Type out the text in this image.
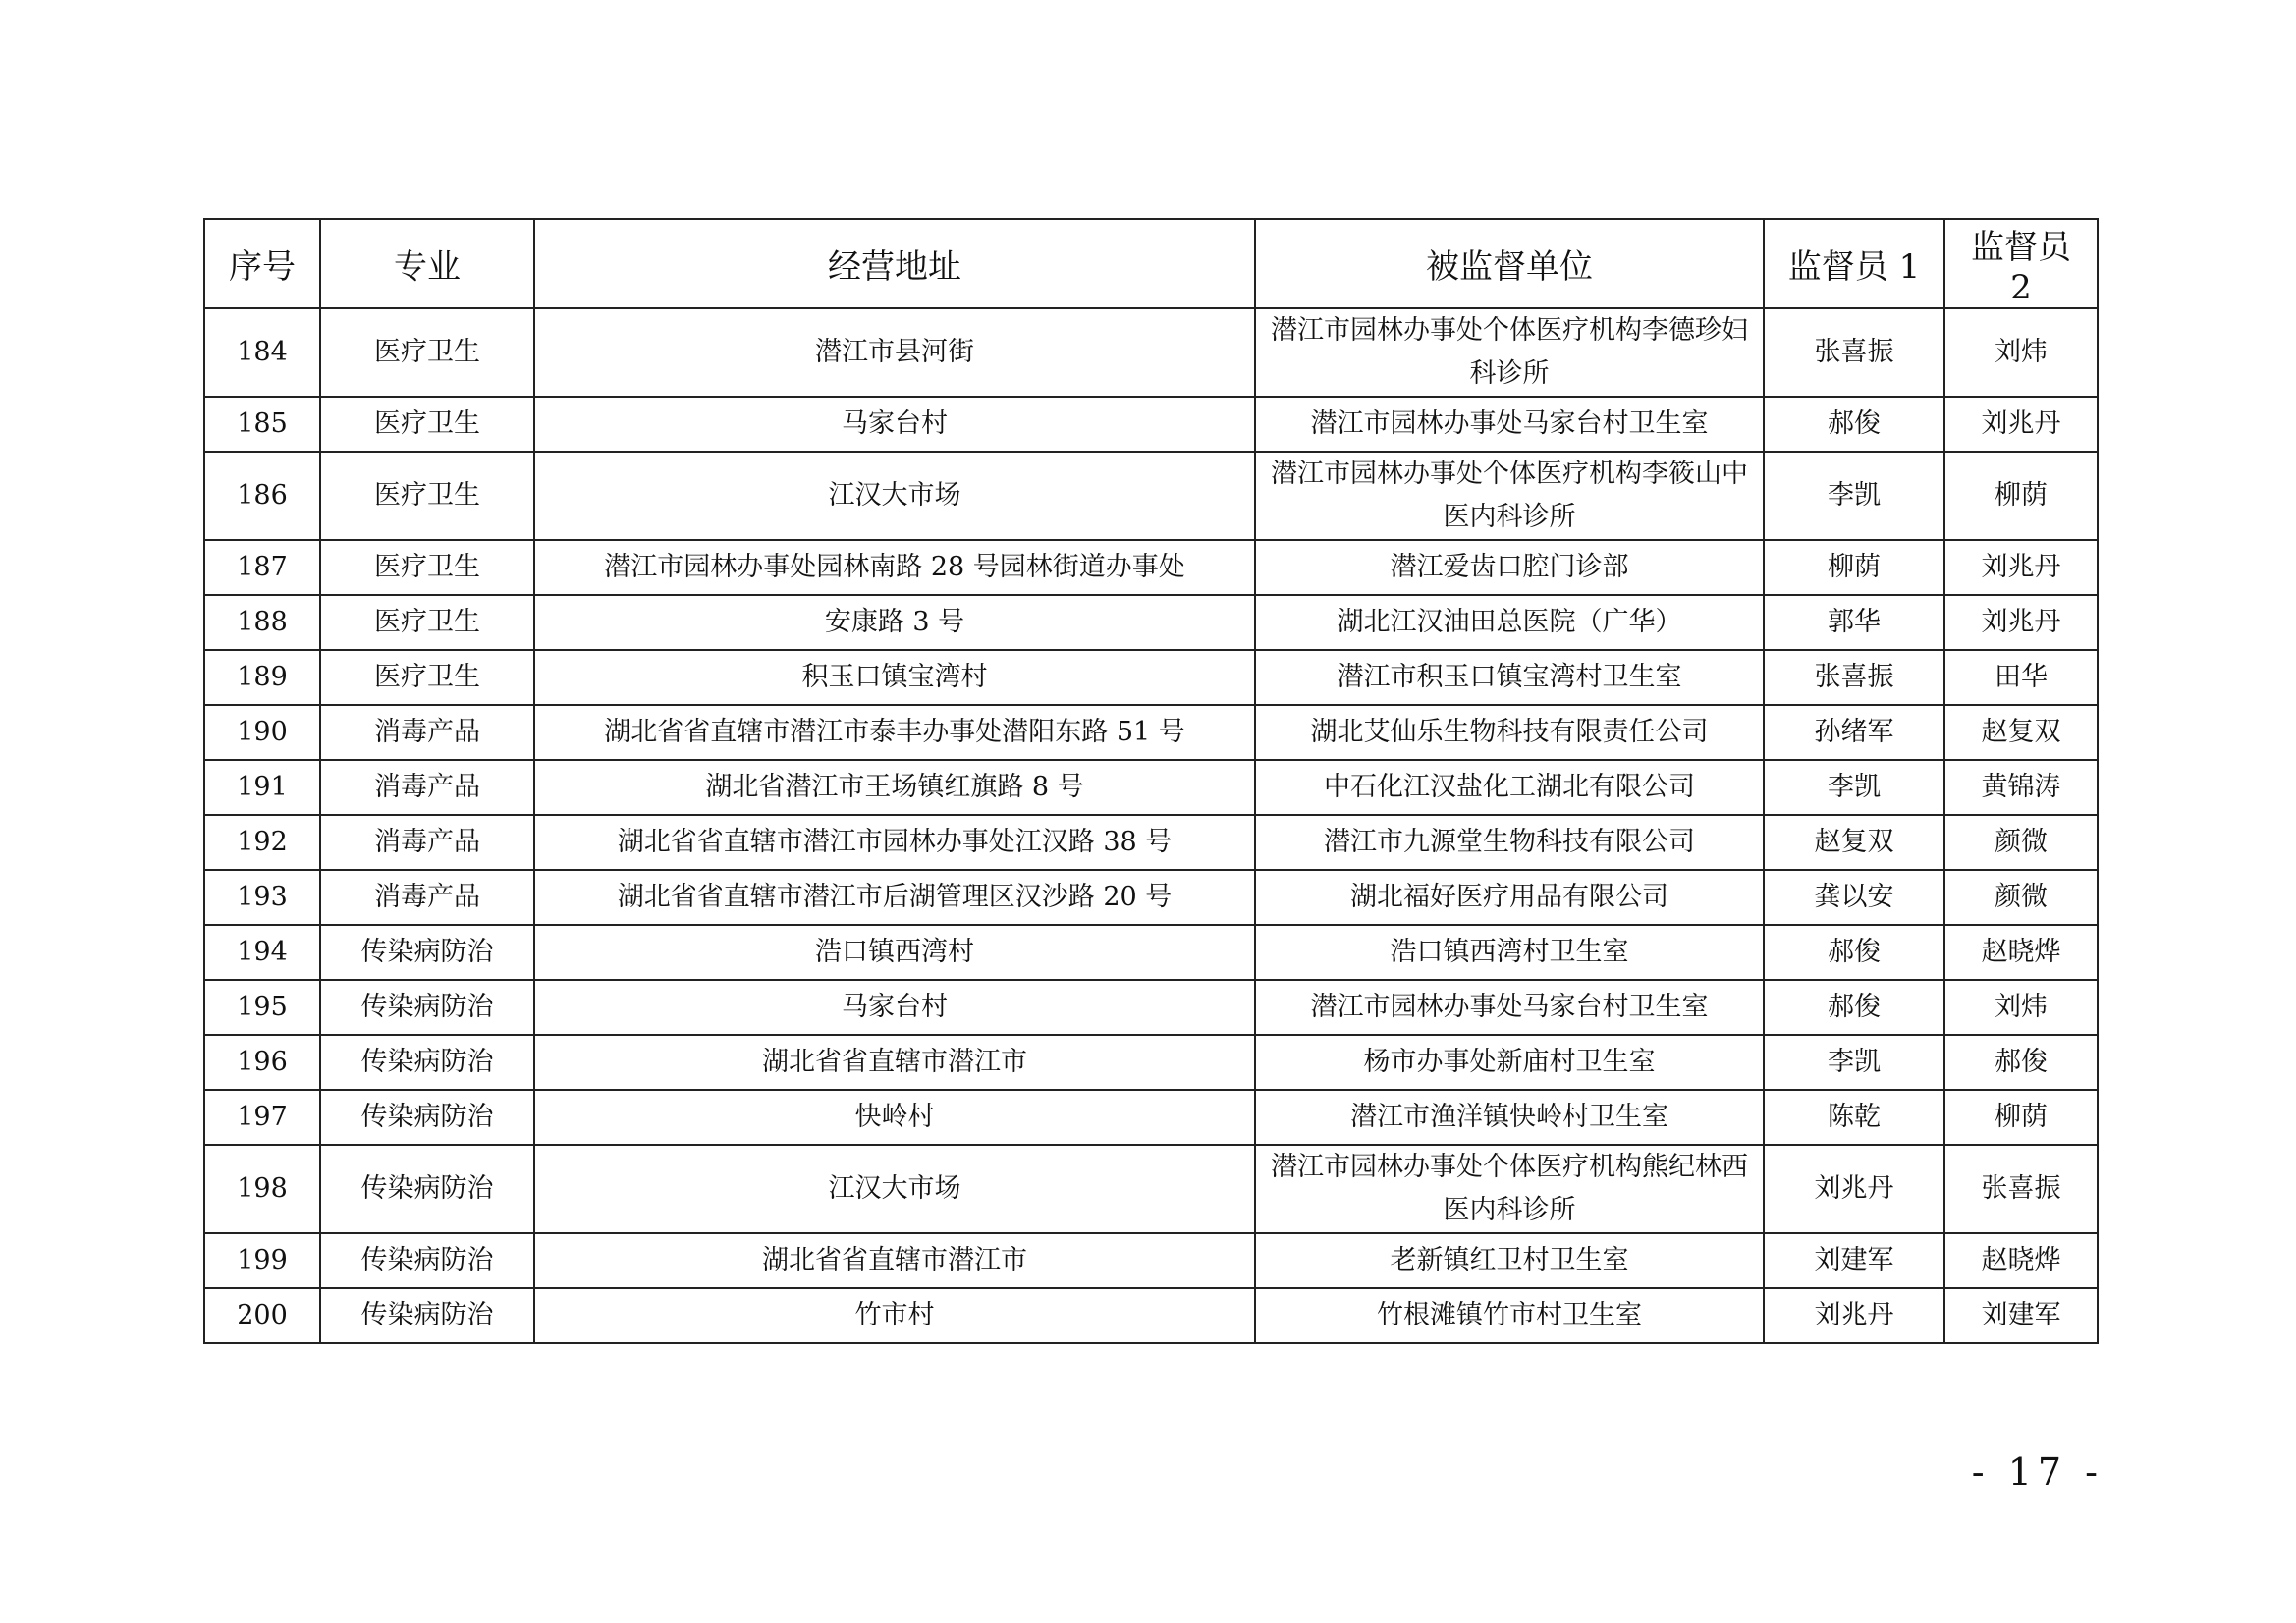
序号	专业	经营地址	被监督单位	监督员 1	监督员 2
184	医疗卫生	潜江市县河街	潜江市园林办事处个体医疗机构李德珍妇科诊所	张喜振	刘炜
185	医疗卫生	马家台村	潜江市园林办事处马家台村卫生室	郝俊	刘兆丹
186	医疗卫生	江汉大市场	潜江市园林办事处个体医疗机构李筱山中医内科诊所	李凯	柳荫
187	医疗卫生	潜江市园林办事处园林南路 28 号园林街道办事处	潜江爱齿口腔门诊部	柳荫	刘兆丹
188	医疗卫生	安康路 3 号	湖北江汉油田总医院（广华）	郭华	刘兆丹
189	医疗卫生	积玉口镇宝湾村	潜江市积玉口镇宝湾村卫生室	张喜振	田华
190	消毒产品	湖北省省直辖市潜江市泰丰办事处潜阳东路 51 号	湖北艾仙乐生物科技有限责任公司	孙绪军	赵复双
191	消毒产品	湖北省潜江市王场镇红旗路 8 号	中石化江汉盐化工湖北有限公司	李凯	黄锦涛
192	消毒产品	湖北省省直辖市潜江市园林办事处江汉路 38 号	潜江市九源堂生物科技有限公司	赵复双	颜微
193	消毒产品	湖北省省直辖市潜江市后湖管理区汉沙路 20 号	湖北福好医疗用品有限公司	龚以安	颜微
194	传染病防治	浩口镇西湾村	浩口镇西湾村卫生室	郝俊	赵晓烨
195	传染病防治	马家台村	潜江市园林办事处马家台村卫生室	郝俊	刘炜
196	传染病防治	湖北省省直辖市潜江市	杨市办事处新庙村卫生室	李凯	郝俊
197	传染病防治	快岭村	潜江市渔洋镇快岭村卫生室	陈乾	柳荫
198	传染病防治	江汉大市场	潜江市园林办事处个体医疗机构熊纪林西医内科诊所	刘兆丹	张喜振
199	传染病防治	湖北省省直辖市潜江市	老新镇红卫村卫生室	刘建军	赵晓烨
200	传染病防治	竹市村	竹根滩镇竹市村卫生室	刘兆丹	刘建军
- 17 -
